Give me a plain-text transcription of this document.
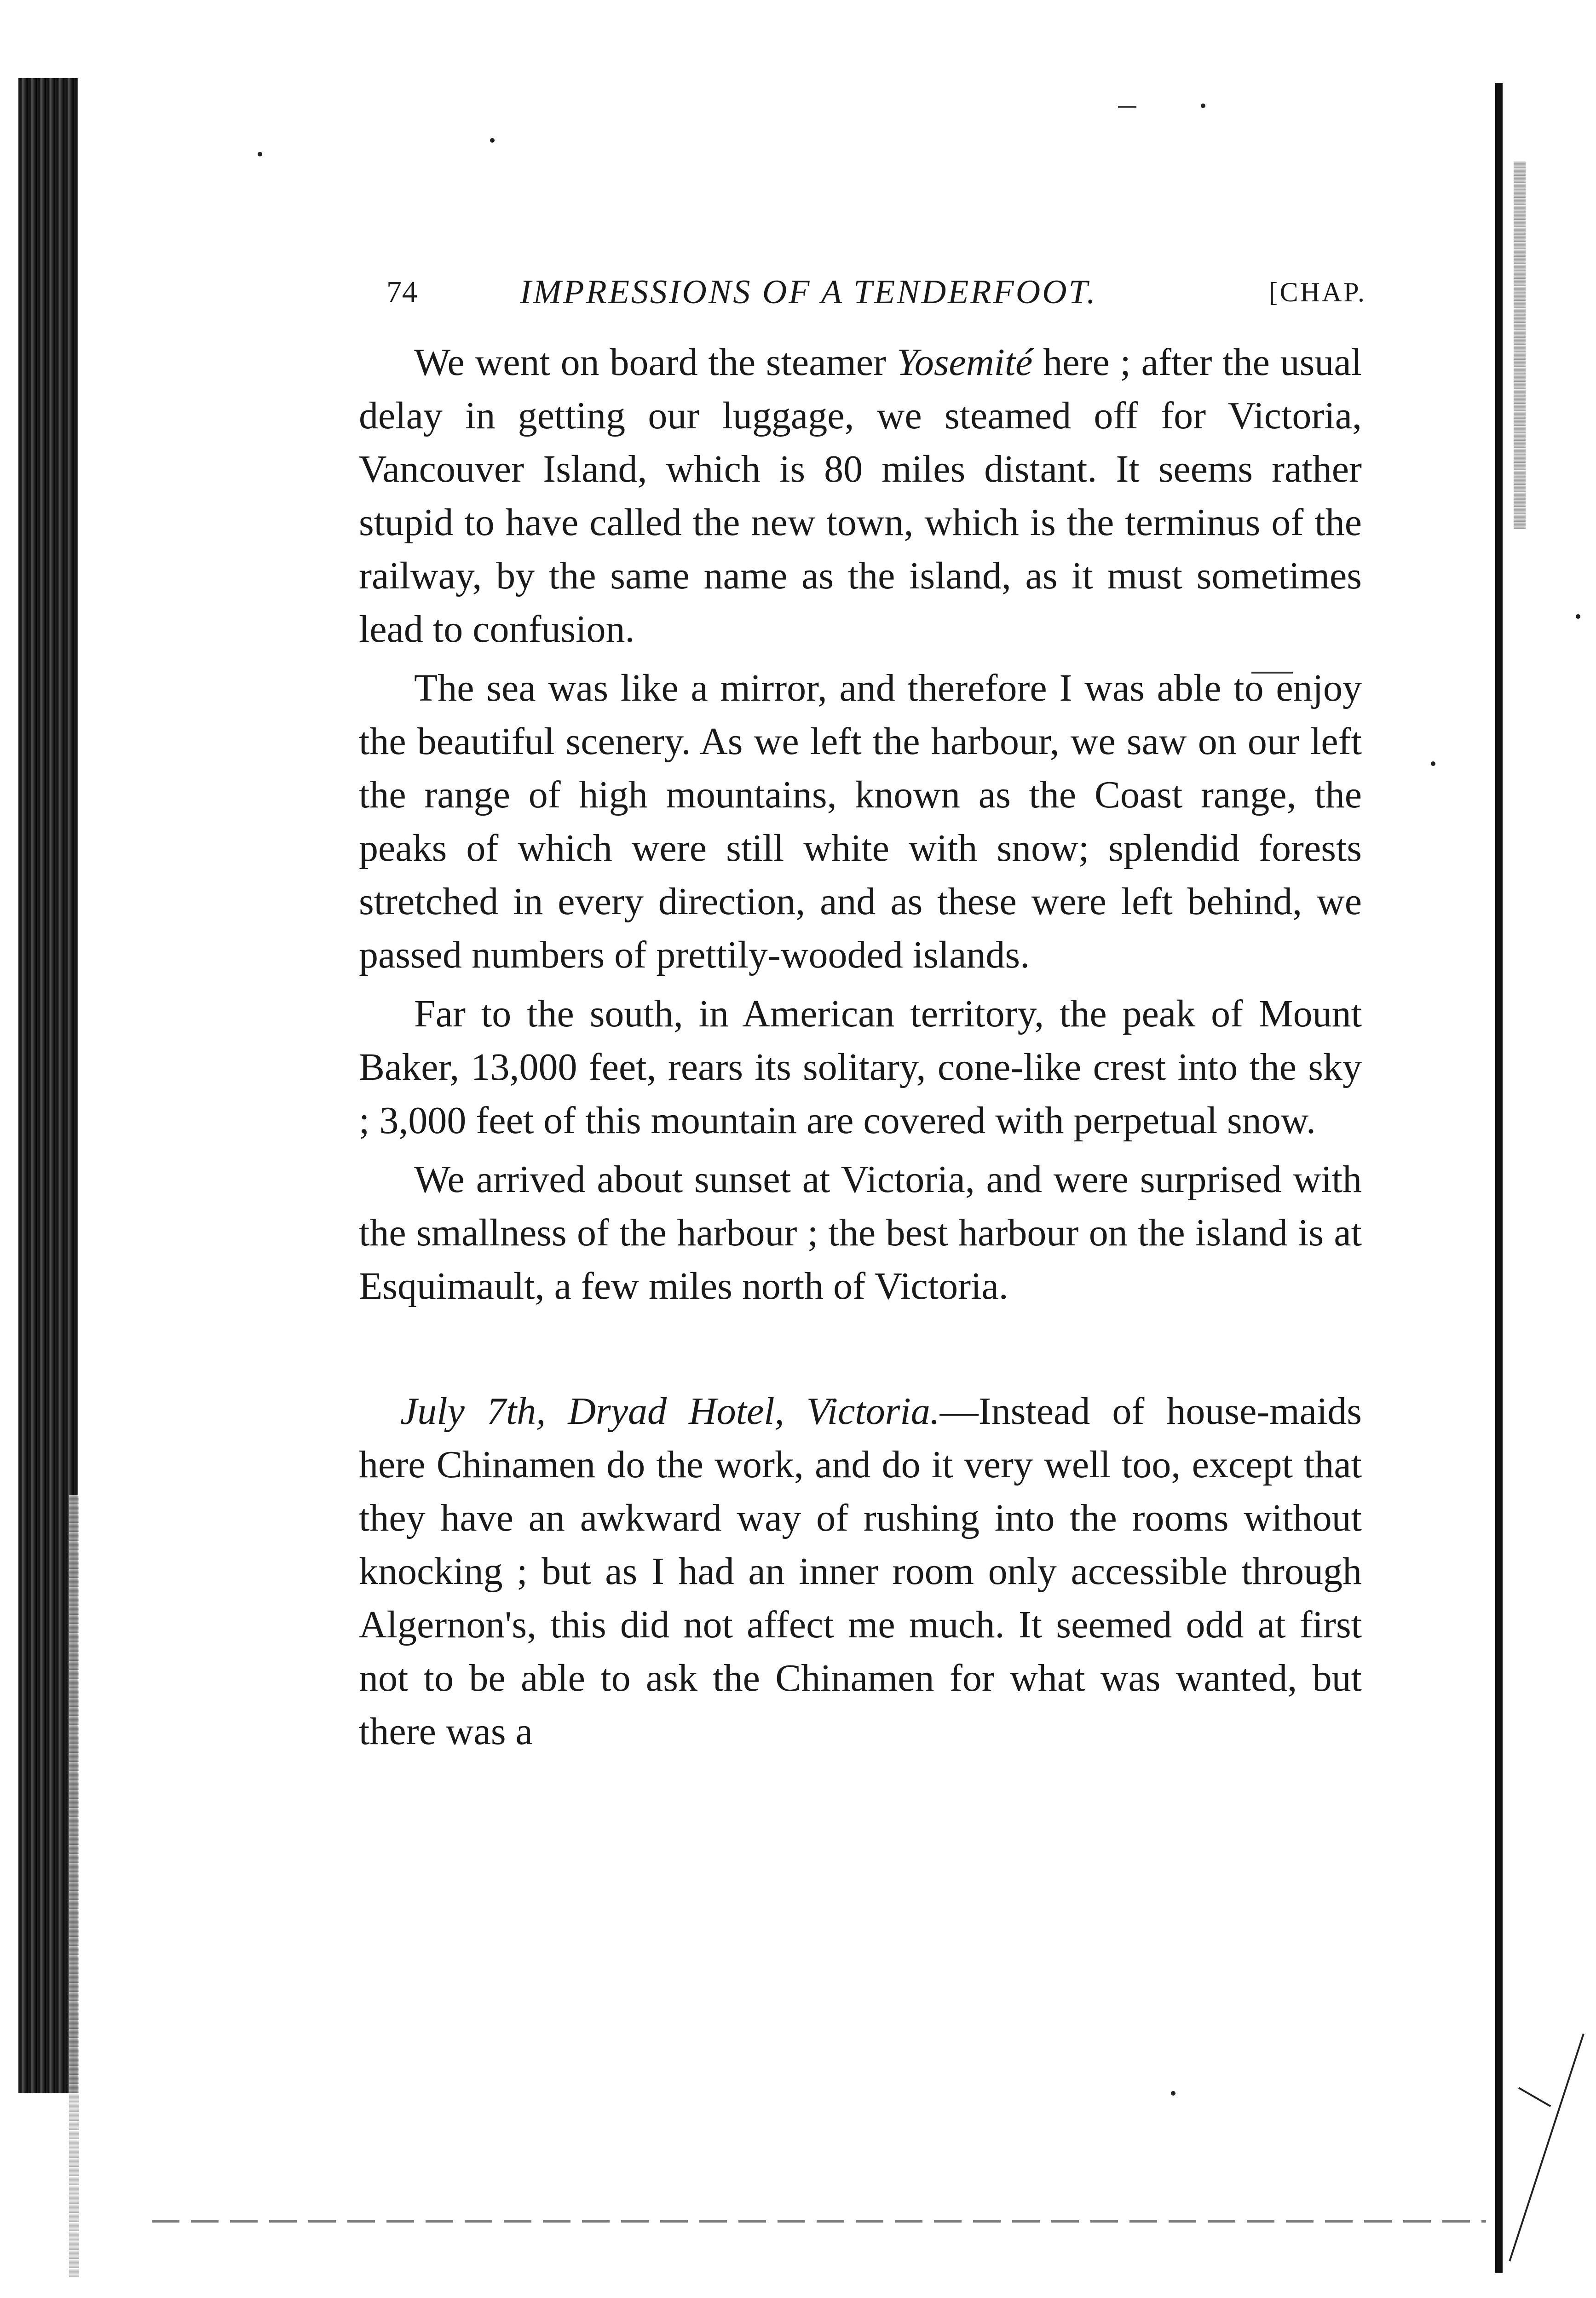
74	IMPRESSIONS OF A TENDERFOOT.	[CHAP.

We went on board the steamer Yosemité here ; after the usual delay in getting our luggage, we steamed off for Victoria, Vancouver Island, which is 80 miles distant. It seems rather stupid to have called the new town, which is the terminus of the railway, by the same name as the island, as it must sometimes lead to confusion.

The sea was like a mirror, and therefore I was able to enjoy the beautiful scenery. As we left the harbour, we saw on our left the range of high mountains, known as the Coast range, the peaks of which were still white with snow; splendid forests stretched in every direction, and as these were left behind, we passed numbers of prettily-wooded islands.

Far to the south, in American territory, the peak of Mount Baker, 13,000 feet, rears its solitary, cone-like crest into the sky ; 3,000 feet of this mountain are covered with perpetual snow.

We arrived about sunset at Victoria, and were surprised with the smallness of the harbour ; the best harbour on the island is at Esquimault, a few miles north of Victoria.

July 7th, Dryad Hotel, Victoria.—Instead of house-maids here Chinamen do the work, and do it very well too, except that they have an awkward way of rushing into the rooms without knocking ; but as I had an inner room only accessible through Algernon's, this did not affect me much. It seemed odd at first not to be able to ask the Chinamen for what was wanted, but there was a
